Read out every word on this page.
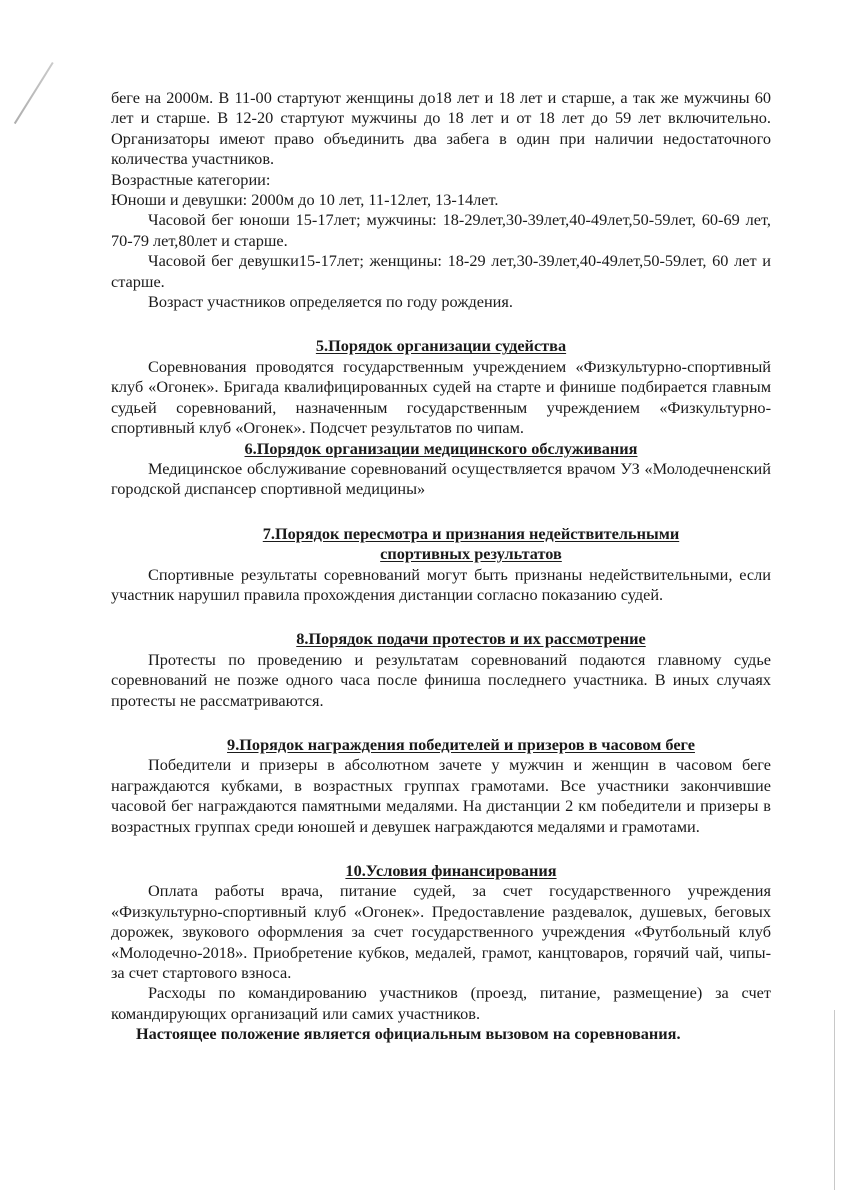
беге на 2000м. В 11-00 стартуют женщины до18 лет и 18 лет и старше, а так же мужчины 60 лет и старше. В 12-20 стартуют мужчины до 18 лет и от 18 лет до 59 лет включительно. Организаторы имеют право объединить два забега в один при наличии недостаточного количества участников.

Возрастные категории:

Юноши и девушки: 2000м до 10 лет, 11-12лет, 13-14лет.

Часовой бег юноши 15-17лет; мужчины: 18-29лет,30-39лет,40-49лет,50-59лет, 60-69 лет, 70-79 лет,80лет и старше.

Часовой бег девушки15-17лет; женщины: 18-29 лет,30-39лет,40-49лет,50-59лет, 60 лет и старше.

Возраст участников определяется по году рождения.

5.Порядок организации судейства

Соревнования проводятся государственным учреждением «Физкультурно-спортивный клуб «Огонек». Бригада квалифицированных судей на старте и финише подбирается главным судьей соревнований, назначенным государственным учреждением «Физкультурно-спортивный клуб «Огонек». Подсчет результатов по чипам.

6.Порядок организации медицинского обслуживания

Медицинское обслуживание соревнований осуществляется врачом УЗ «Молодечненский городской диспансер спортивной медицины»

7.Порядок пересмотра и признания недействительными

спортивных результатов

Спортивные результаты соревнований могут быть признаны недействительными, если участник нарушил правила прохождения дистанции согласно показанию судей.

8.Порядок подачи протестов и их рассмотрение

Протесты по проведению и результатам соревнований подаются главному судье соревнований не позже одного часа после финиша последнего участника. В иных случаях протесты не рассматриваются.

9.Порядок награждения победителей и призеров в часовом беге

Победители и призеры в абсолютном зачете у мужчин и женщин в часовом беге награждаются кубками, в возрастных группах грамотами. Все участники закончившие часовой бег награждаются памятными медалями. На дистанции 2 км победители и призеры в возрастных группах среди юношей и девушек награждаются медалями и грамотами.

10.Условия финансирования

Оплата работы врача, питание судей, за счет государственного учреждения «Физкультурно-спортивный клуб «Огонек». Предоставление раздевалок, душевых, беговых дорожек, звукового оформления за счет государственного учреждения «Футбольный клуб «Молодечно-2018». Приобретение кубков, медалей, грамот, канцтоваров, горячий чай, чипы- за счет стартового взноса.

Расходы по командированию участников (проезд, питание, размещение) за счет командирующих организаций или самих участников.

Настоящее положение является официальным вызовом на соревнования.
